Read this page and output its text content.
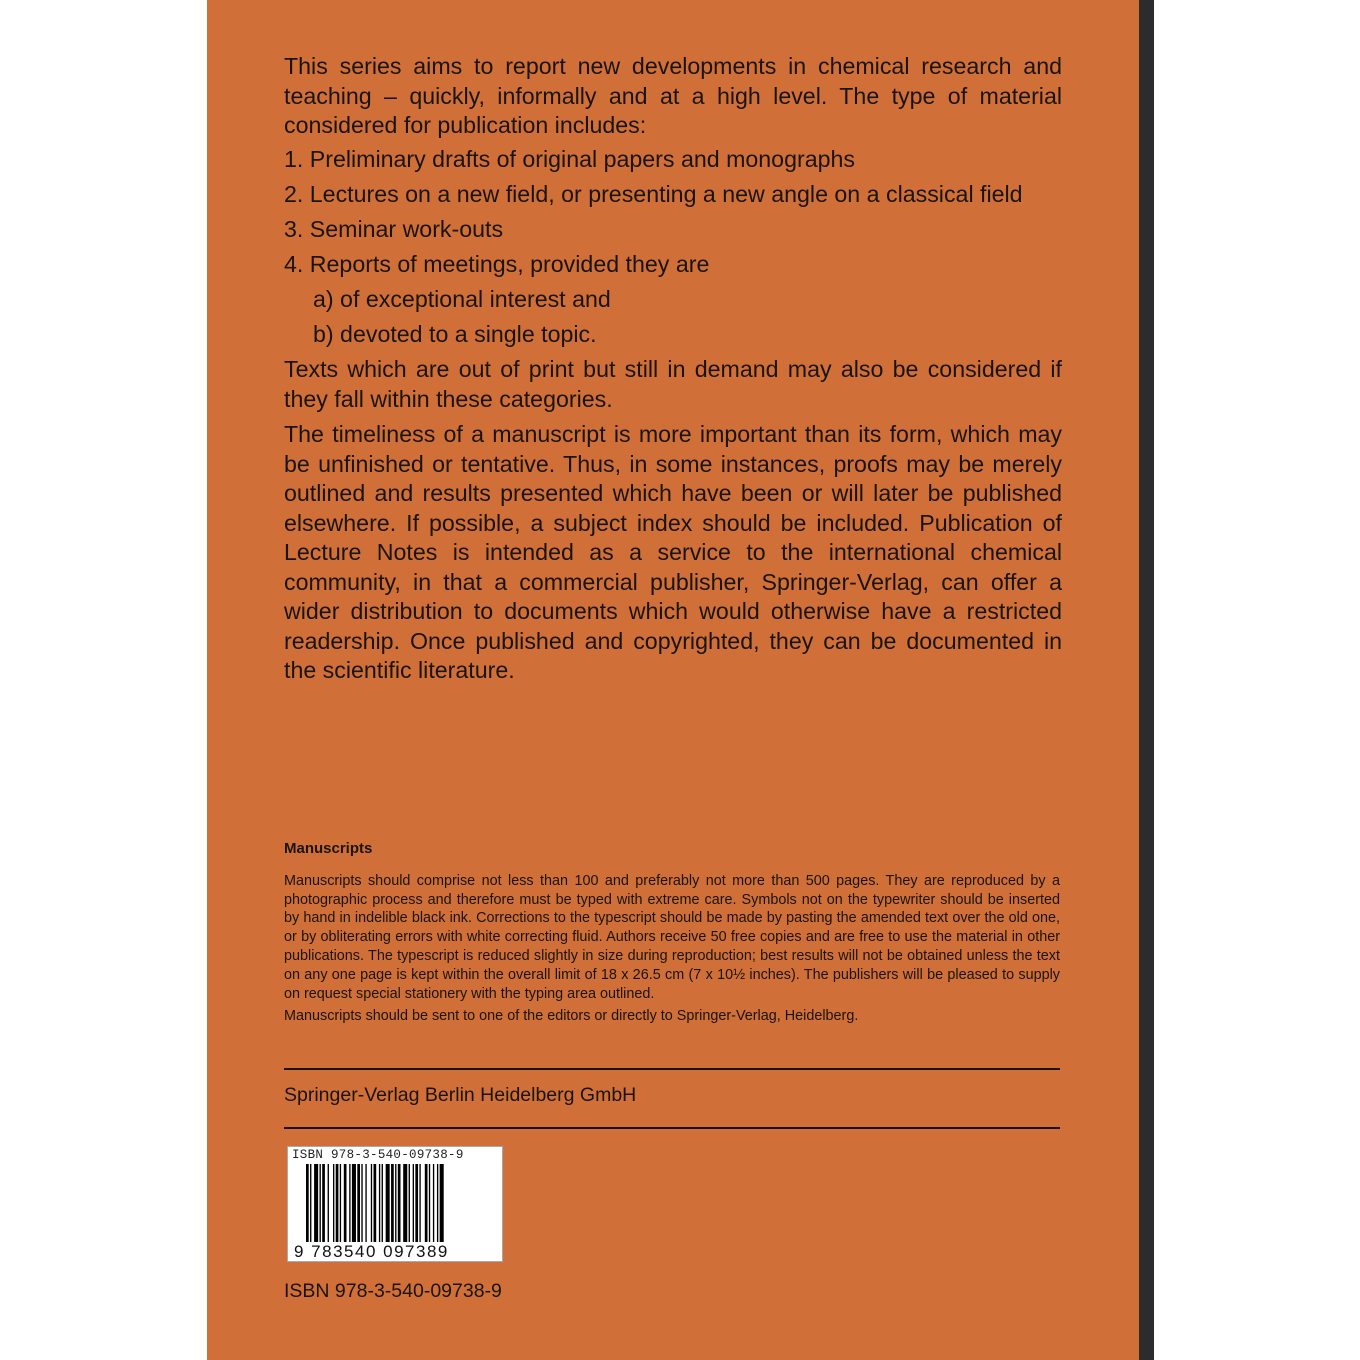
This series aims to report new developments in chemical research and teaching – quickly, informally and at a high level. The type of material considered for publication includes:

1. Preliminary drafts of original papers and monographs
2. Lectures on a new field, or presenting a new angle on a classical field
3. Seminar work-outs
4. Reports of meetings, provided they are
a) of exceptional interest and
b) devoted to a single topic.

Texts which are out of print but still in demand may also be considered if they fall within these categories.

The timeliness of a manuscript is more important than its form, which may be unfinished or tentative. Thus, in some instances, proofs may be merely outlined and results presented which have been or will later be published elsewhere. If possible, a subject index should be included. Publication of Lecture Notes is intended as a service to the international chemical community, in that a commercial publisher, Springer-Verlag, can offer a wider distribution to documents which would otherwise have a restricted readership. Once published and copyrighted, they can be documented in the scientific literature.

Manuscripts

Manuscripts should comprise not less than 100 and preferably not more than 500 pages. They are reproduced by a photographic process and therefore must be typed with extreme care. Symbols not on the typewriter should be inserted by hand in indelible black ink. Corrections to the typescript should be made by pasting the amended text over the old one, or by obliterating errors with white correcting fluid. Authors receive 50 free copies and are free to use the material in other publications. The typescript is reduced slightly in size during reproduction; best results will not be obtained unless the text on any one page is kept within the overall limit of 18 x 26.5 cm (7 x 10½ inches). The publishers will be pleased to supply on request special stationery with the typing area outlined.

Manuscripts should be sent to one of the editors or directly to Springer-Verlag, Heidelberg.

Springer-Verlag Berlin Heidelberg GmbH
ISBN 978-3-540-09738-9
9 783540 097389
ISBN 978-3-540-09738-9
